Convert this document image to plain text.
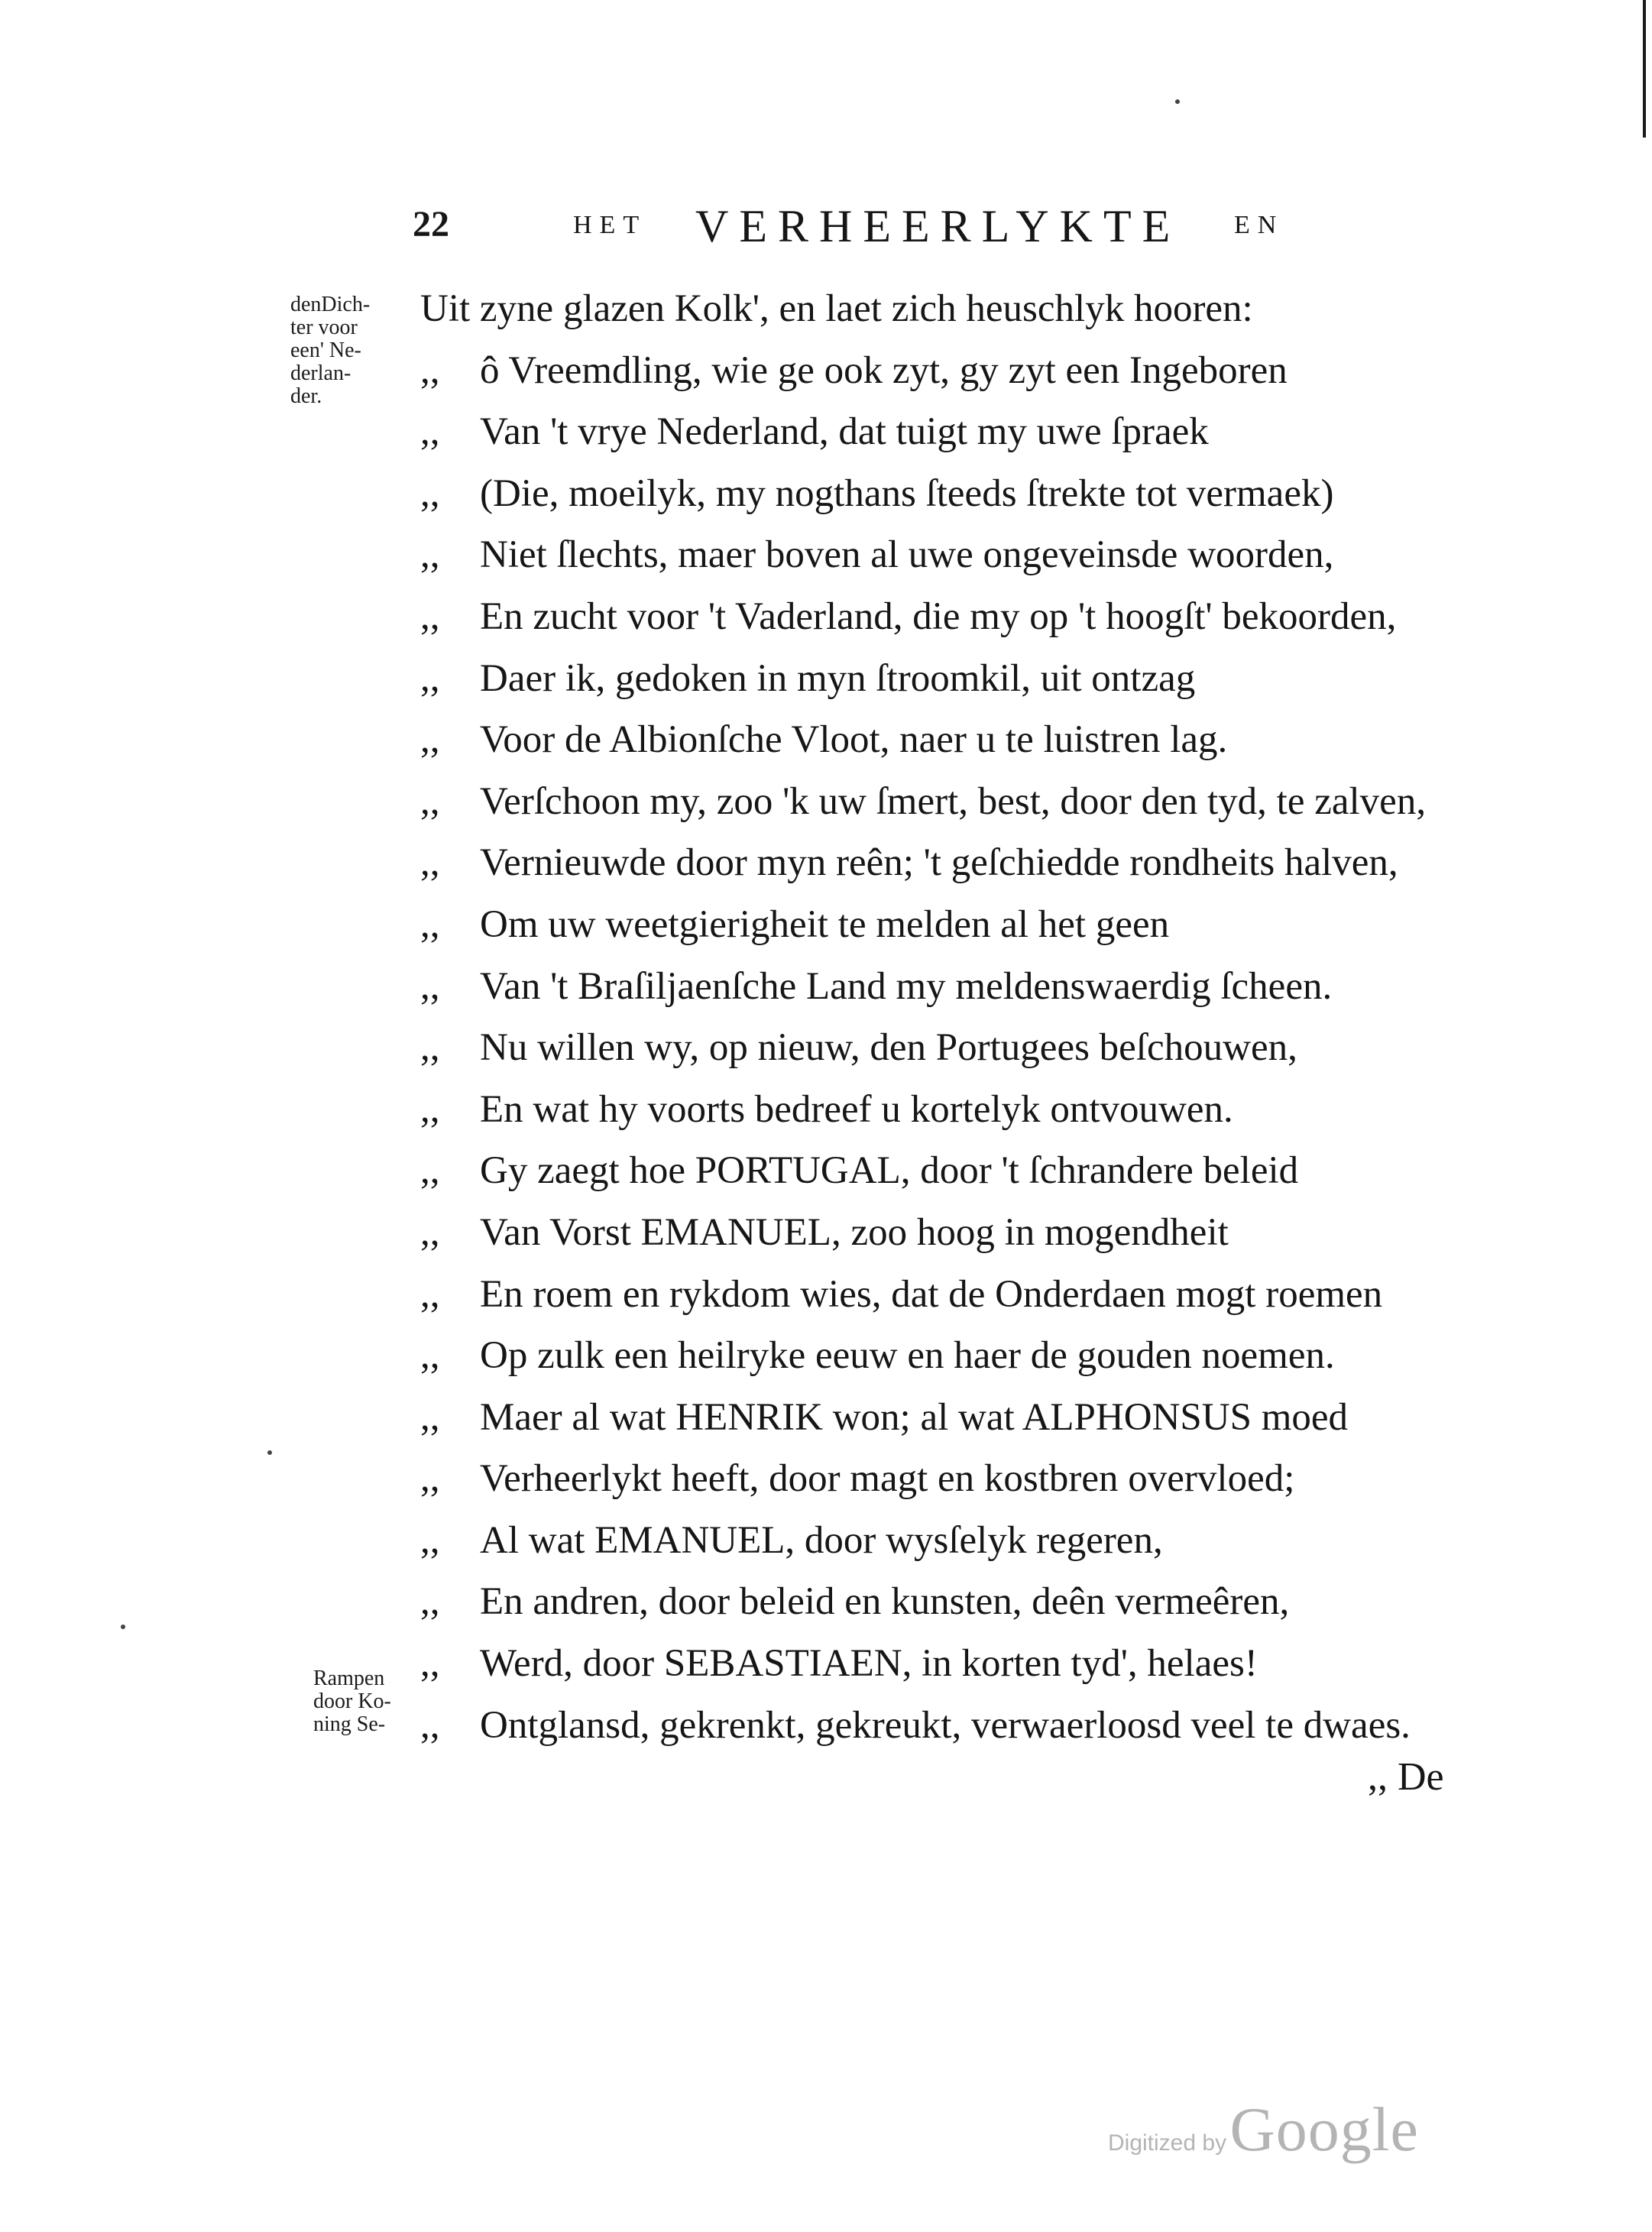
22	HET VERHEERLYKTE EN
denDich-
ter voor
een' Ne-
derlan-
der.
Rampen
door Ko-
ning Se-
Uit zyne glazen Kolk', en laet zich heuschlyk hooren:
,, ô Vreemdling, wie ge ook zyt, gy zyt een Ingeboren
,, Van 't vrye Nederland, dat tuigt my uwe ſpraek
,, (Die, moeilyk, my nogthans ſteeds ſtrekte tot vermaek)
,, Niet ſlechts, maer boven al uwe ongeveinsde woorden,
,, En zucht voor 't Vaderland, die my op 't hoogſt' bekoorden,
,, Daer ik, gedoken in myn ſtroomkil, uit ontzag
,, Voor de Albionſche Vloot, naer u te luistren lag.
,, Verſchoon my, zoo 'k uw ſmert, best, door den tyd, te zalven,
,, Vernieuwde door myn reên; 't geſchiedde rondheits halven,
,, Om uw weetgierigheit te melden al het geen
,, Van 't Braſiljaenſche Land my meldenswaerdig ſcheen.
,, Nu willen wy, op nieuw, den Portugees beſchouwen,
,, En wat hy voorts bedreef u kortelyk ontvouwen.
,, Gy zaegt hoe PORTUGAL, door 't ſchrandere beleid
,, Van Vorst EMANUEL, zoo hoog in mogendheit
,, En roem en rykdom wies, dat de Onderdaen mogt roemen
,, Op zulk een heilryke eeuw en haer de gouden noemen.
,, Maer al wat HENRIK won; al wat ALPHONSUS moed
,, Verheerlykt heeft, door magt en kostbren overvloed;
,, Al wat EMANUEL, door wysſelyk regeren,
,, En andren, door beleid en kunsten, deên vermeêren,
,, Werd, door SEBASTIAEN, in korten tyd', helaes!
,, Ontglansd, gekrenkt, gekreukt, verwaerloosd veel te dwaes.
,, De
Digitized by Google
